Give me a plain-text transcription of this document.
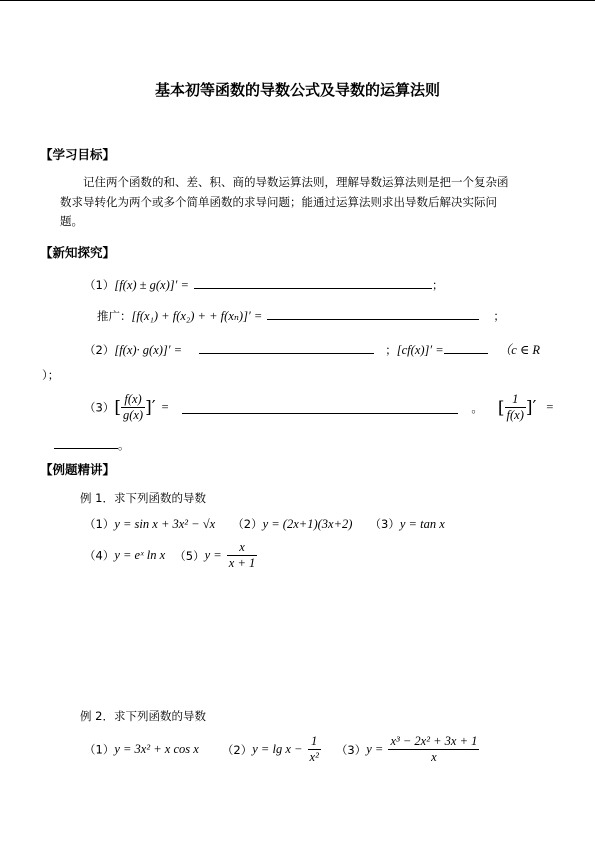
基本初等函数的导数公式及导数的运算法则
【学习目标】
记住两个函数的和、差、积、商的导数运算法则，理解导数运算法则是把一个复杂函数求导转化为两个或多个简单函数的求导问题；能通过运算法则求出导数后解决实际问题。
【新知探究】
（1）[f(x) ± g(x)]′ =	；
推广：[f(x₁) + f(x₂) + + f(xₙ)]′ =	；
（2）[f(x)· g(x)]′ =	；[cf(x)]′ =	（c ∈ R
）；
$(3)[ \frac{f(x)}{g(x)}$ ]′ =	。 [ $\frac{1}{f(x)}$ ]′ =
。
【例题精讲】
例 1．求下列函数的导数
（1）y = sin x + 3x² − √x （2）y = (2x+1)(3x+2) （3）y = tan x
（4）y = eˣ ln x $(5)y = \frac{x}{x + 1}$
例 2．求下列函数的导数
（1）y = 3x² + x cos x $(2)y = \lg x - \frac{1}{\text{x²}} (3)y = \frac{\text{x³ − 2x² + 3x + 1}}{x}$
